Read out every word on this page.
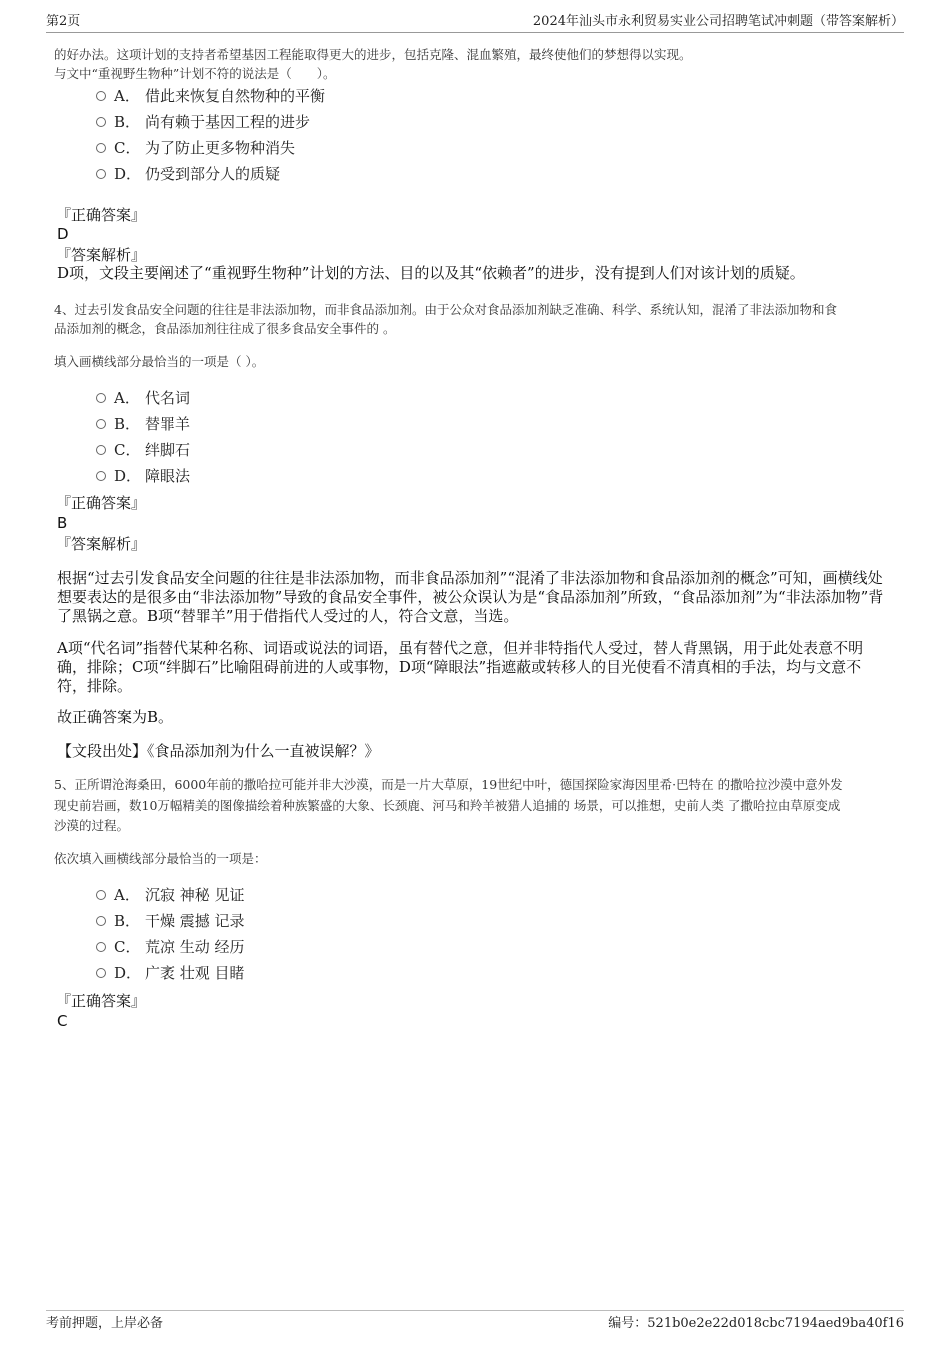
第2页	2024年汕头市永利贸易实业公司招聘笔试冲刺题（带答案解析）
的好办法。这项计划的支持者希望基因工程能取得更大的进步，包括克隆、混血繁殖，最终使他们的梦想得以实现。
与文中“重视野生物种”计划不符的说法是（　　）。
A． 借此来恢复自然物种的平衡
B． 尚有赖于基因工程的进步
C． 为了防止更多物种消失
D． 仍受到部分人的质疑
『正确答案』
D
『答案解析』
D项，文段主要阐述了“重视野生物种”计划的方法、目的以及其“依赖者”的进步，没有提到人们对该计划的质疑。
4、过去引发食品安全问题的往往是非法添加物，而非食品添加剂。由于公众对食品添加剂缺乏准确、科学、系统认知，混淆了非法添加物和食
品添加剂的概念，食品添加剂往往成了很多食品安全事件的 。
填入画横线部分最恰当的一项是（ ）。
A． 代名词
B． 替罪羊
C． 绊脚石
D． 障眼法
『正确答案』
B
『答案解析』
根据“过去引发食品安全问题的往往是非法添加物，而非食品添加剂”“混淆了非法添加物和食品添加剂的概念”可知，画横线处
想要表达的是很多由“非法添加物”导致的食品安全事件，被公众误认为是“食品添加剂”所致，“食品添加剂”为“非法添加物”背
了黑锅之意。B项“替罪羊”用于借指代人受过的人，符合文意，当选。
A项“代名词”指替代某种名称、词语或说法的词语，虽有替代之意，但并非特指代人受过，替人背黑锅，用于此处表意不明
确，排除；C项“绊脚石”比喻阻碍前进的人或事物，D项“障眼法”指遮蔽或转移人的目光使看不清真相的手法，均与文意不
符，排除。
故正确答案为B。
【文段出处】《食品添加剂为什么一直被误解？》
5、正所谓沧海桑田，6000年前的撒哈拉可能并非大沙漠，而是一片大草原，19世纪中叶，德国探险家海因里希·巴特在 的撒哈拉沙漠中意外发
现史前岩画，数10万幅精美的图像描绘着种族繁盛的大象、长颈鹿、河马和羚羊被猎人追捕的 场景，可以推想，史前人类 了撒哈拉由草原变成
沙漠的过程。
依次填入画横线部分最恰当的一项是：
A． 沉寂 神秘 见证
B． 干燥 震撼 记录
C． 荒凉 生动 经历
D． 广袤 壮观 目睹
『正确答案』
C
考前押题，上岸必备	编号：521b0e2e22d018cbc7194aed9ba40f16
